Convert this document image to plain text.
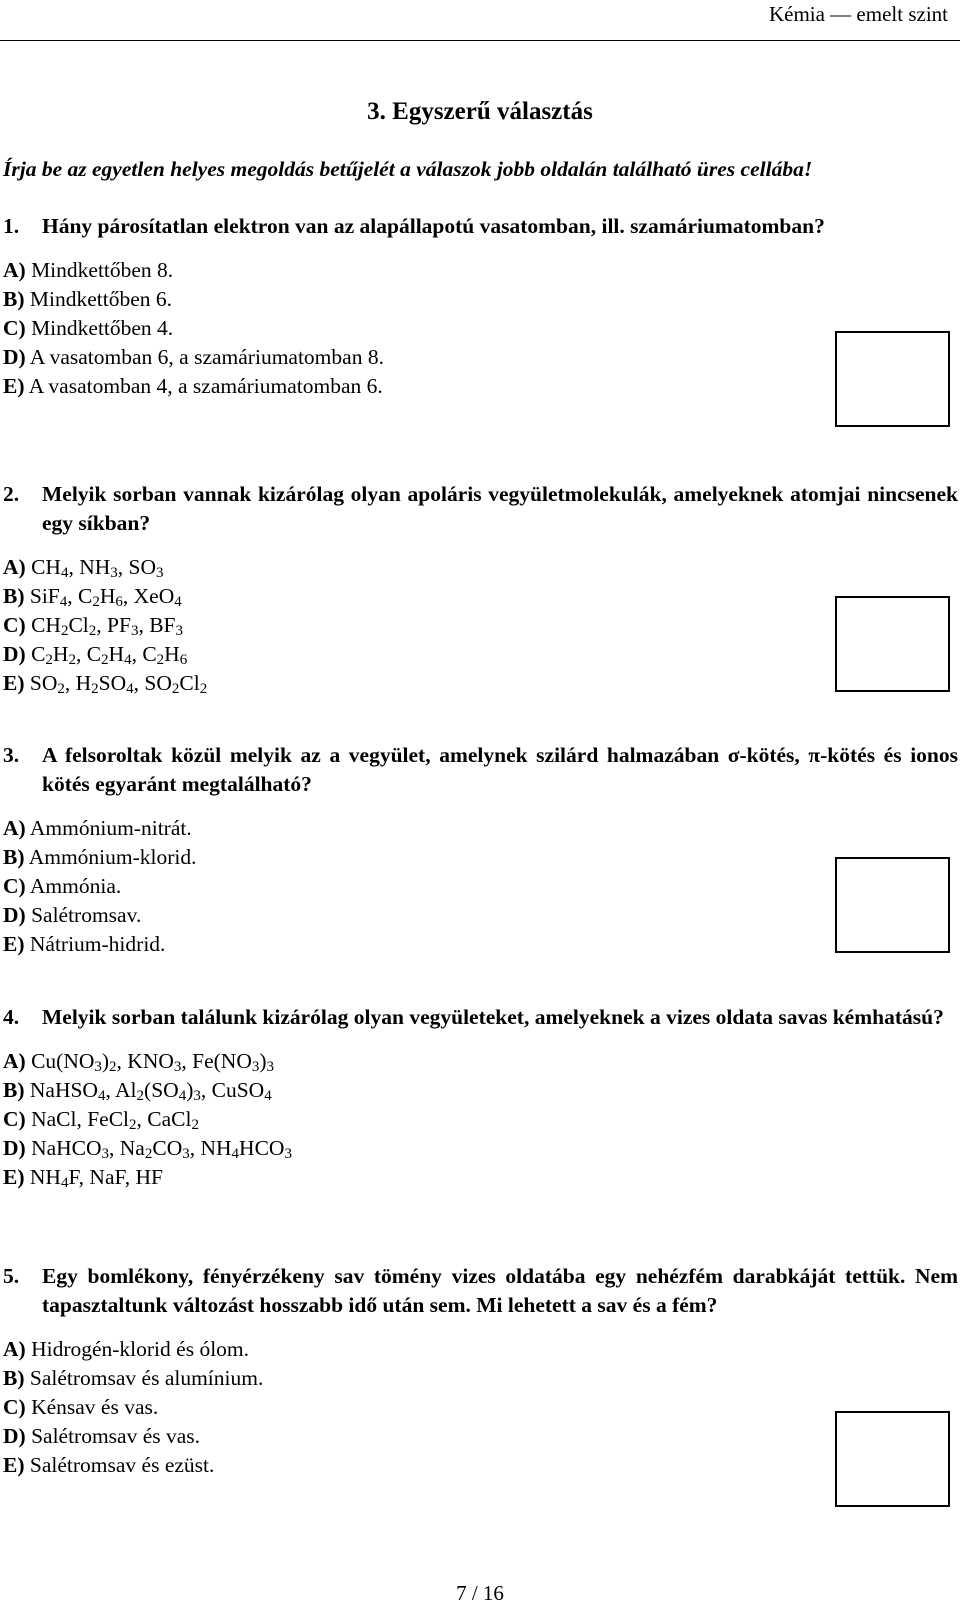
Kémia — emelt szint
3. Egyszerű választás
Írja be az egyetlen helyes megoldás betűjelét a válaszok jobb oldalán található üres cellába!
1.	Hány párosítatlan elektron van az alapállapotú vasatomban, ill. szamáriumatomban?
A) Mindkettőben 8.
B) Mindkettőben 6.
C) Mindkettőben 4.
D) A vasatomban 6, a szamáriumatomban 8.
E) A vasatomban 4, a szamáriumatomban 6.
2.	Melyik sorban vannak kizárólag olyan apoláris vegyületmolekulák, amelyeknek atomjai nincsenek egy síkban?
A) $CH_4$, $NH_3$, $SO_3$
B) SiF$_4$, $C_2H_6$, XeO$_4$
C) $CH_2Cl_2$, $PF_3$, $BF_3$
D) $C_2H_2$, $C_2H_4$, $C_2H_6$
E) $SO_2$, $H_2SO_4$, $SO_2Cl_2$
3.	A felsoroltak közül melyik az a vegyület, amelynek szilárd halmazában σ-kötés, π-kötés és ionos kötés egyaránt megtalálható?
A) Ammónium-nitrát.
B) Ammónium-klorid.
C) Ammónia.
D) Salétromsav.
E) Nátrium-hidrid.
4.	Melyik sorban találunk kizárólag olyan vegyületeket, amelyeknek a vizes oldata savas kémhatású?
A) $Cu(NO_3)_2$, $KNO_3$, $Fe(NO_3)_3$
B) NaHSO$_4$, $Al_2(SO_4)_3$, CuSO$_4$
C) NaCl, FeCl$_2$, CaCl$_2$
D) NaHCO$_3$, $Na_2CO_3$, $NH_4HCO_3$
E) $NH_4F$, NaF, HF
5.	Egy bomlékony, fényérzékeny sav tömény vizes oldatába egy nehézfém darabkáját tettük. Nem tapasztaltunk változást hosszabb idő után sem. Mi lehetett a sav és a fém?
A) Hidrogén-klorid és ólom.
B) Salétromsav és alumínium.
C) Kénsav és vas.
D) Salétromsav és vas.
E) Salétromsav és ezüst.
7 / 16
